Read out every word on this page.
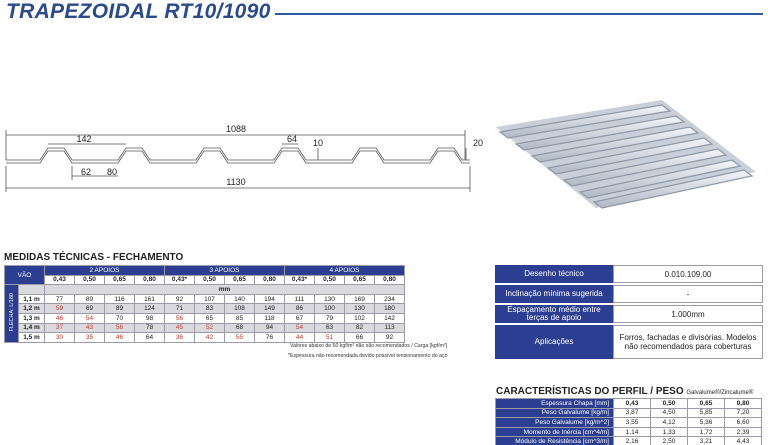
TRAPEZOIDAL RT10/1090
1088
142	64 10	20
62 80
1130
MEDIDAS TÉCNICAS - FECHAMENTO
VÃO		2 APOIOS				3 APOIOS				4 APOIOS			
		0,43	0,50	0,65	0,80	0,43*	0,50	0,65	0,80	0,43*	0,50	0,65	0,80
FLECHA: L/180		mm											
	1,1 m	77	89	116	161	92	107	140	194	111	130	169	234
	1,2 m	59	69	89	124	71	83	108	149	86	100	130	180
	1,3 m	46	54	70	98	56	65	85	118	67	79	102	142
	1,4 m	37	43	56	78	45	52	68	94	54	63	82	113
	1,5 m	30	35	46	64	36	42	55	76	44	51	66	92
Valores abaixo de 60 kgf/m² não são recomendados / Carga [kgf/m²]
*Espessura não recomendada devido possível tensionamento do aço
Desenho técnico	0.010.109.00
Inclinação mínima sugerida	-
Espaçamento médio entre terças de apoio	1.000mm
Aplicações	Forros, fachadas e divisórias. Modelos não recomendados para coberturas
CARACTERÍSTICAS DO PERFIL / PESO Galvalume®/Zincalume®
Espessura Chapa [mm]	0,43	0,50	0,65	0,80
Peso Galvalume [kg/m]	3,87	4,50	5,85	7,20
Peso Galvalume [kg/m^2]	3,55	4,12	5,36	6,60
Momento de Inércia [cm^4/m]	1,14	1,33	1,72	2,39
Módulo de Resistência [cm^3/m]	2,16	2,50	3,21	4,43
